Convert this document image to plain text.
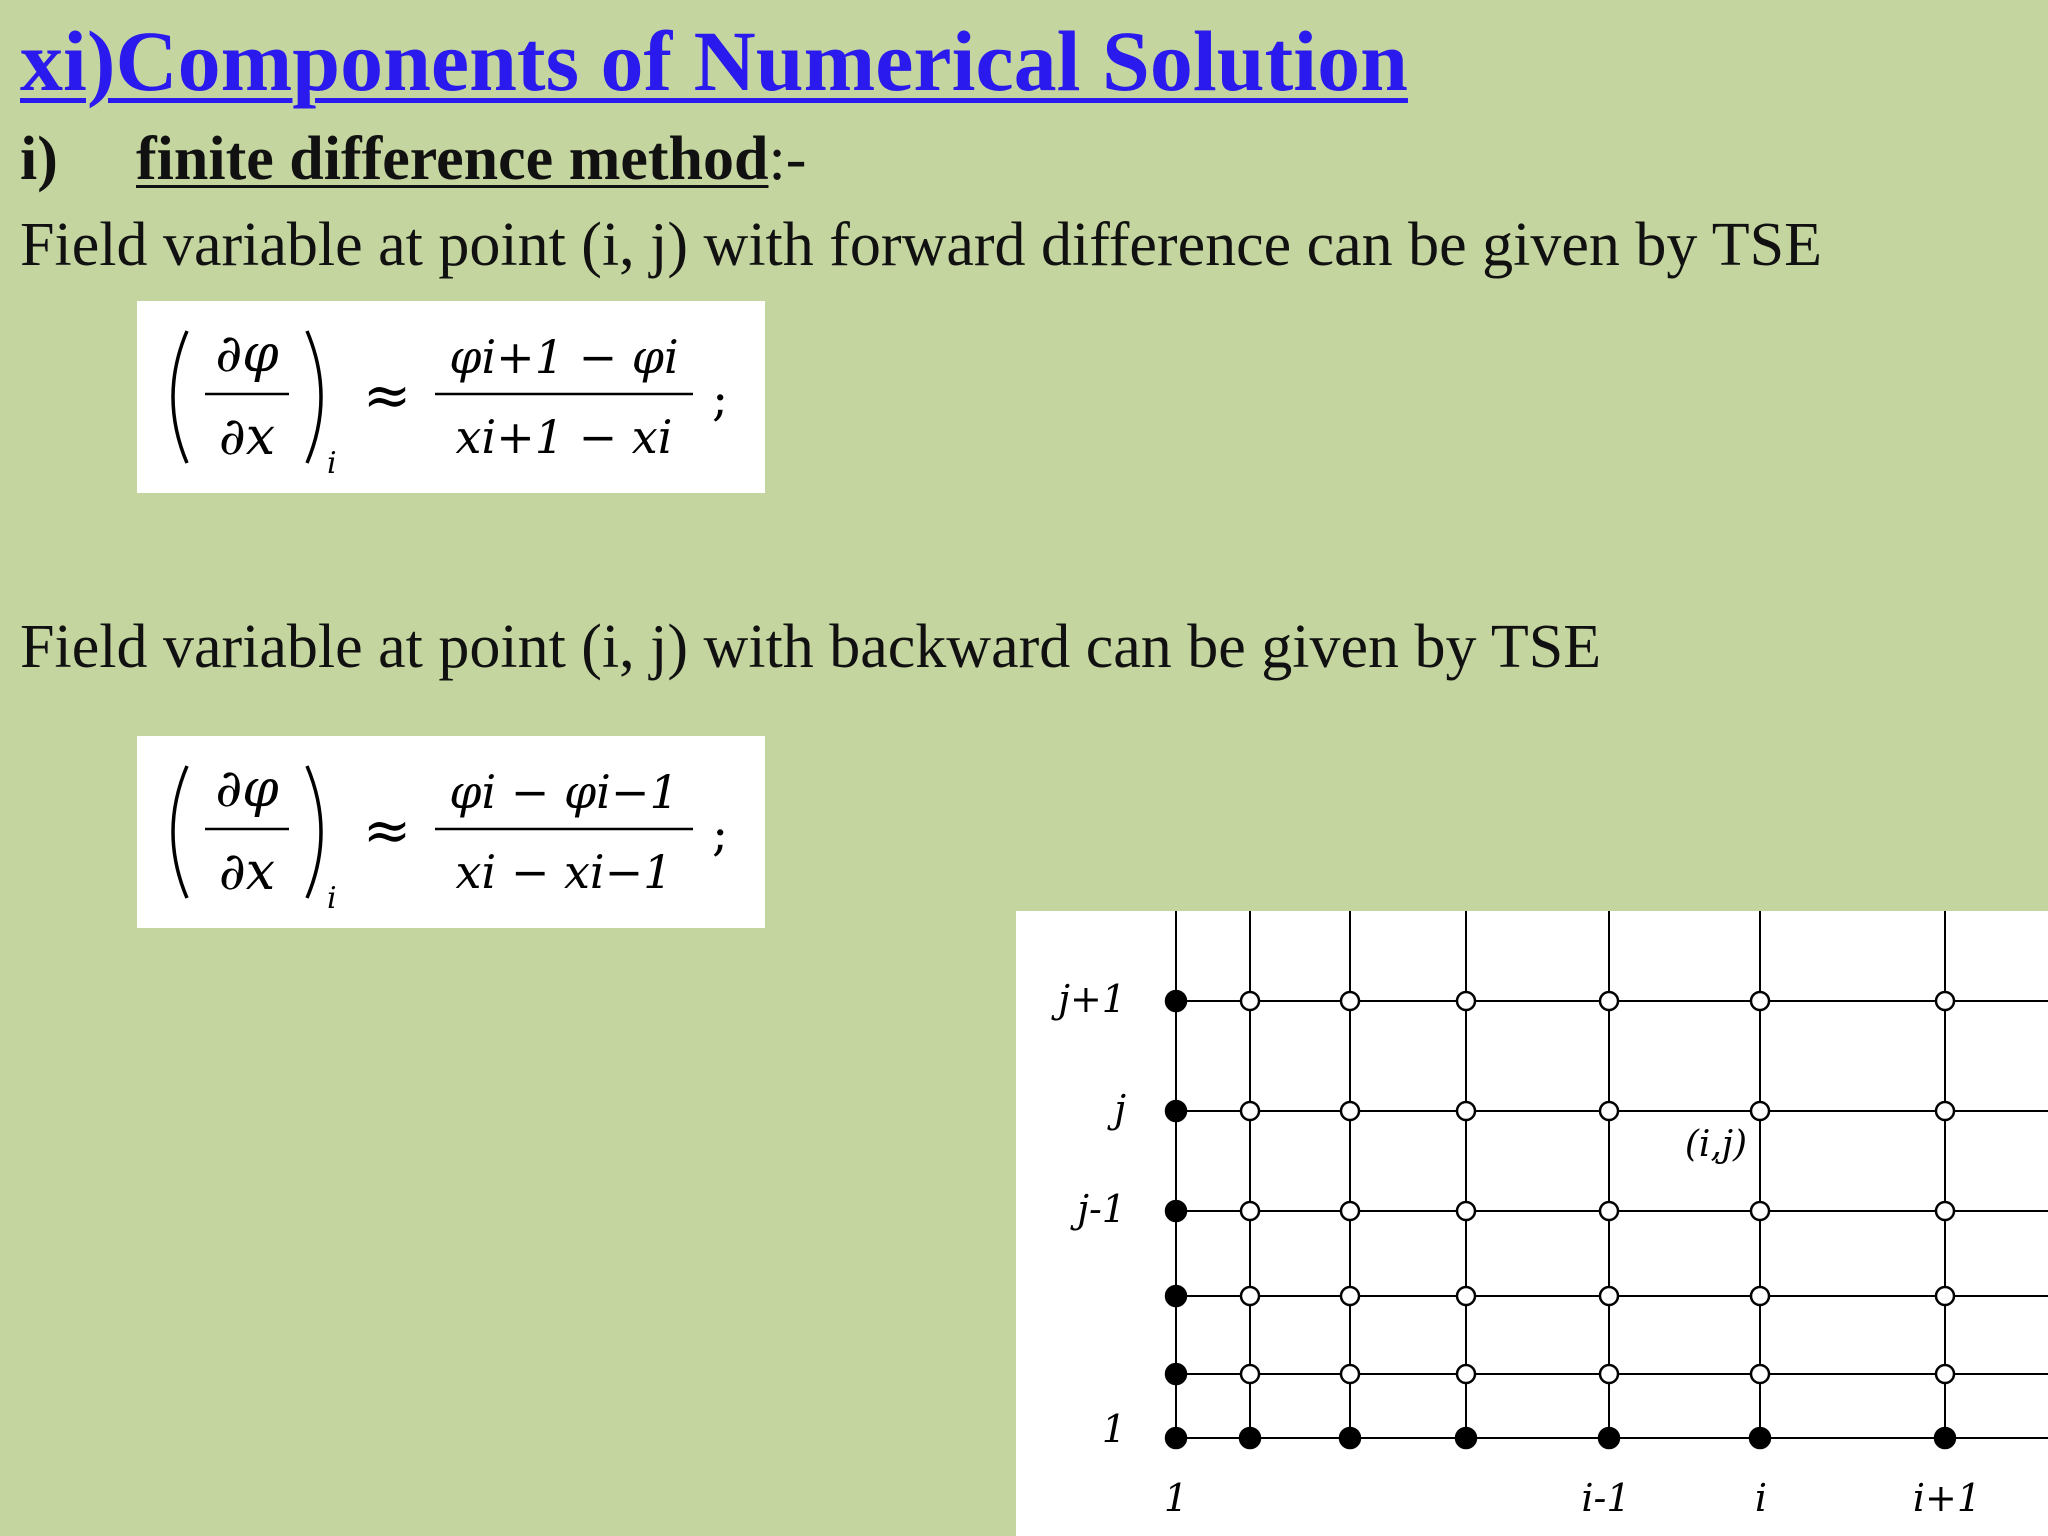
xi)Components of Numerical Solution
i) finite difference method:-
Field variable at point (i, j) with forward difference can be given by TSE
∂φ
∂x i
≈
φi+1 − φi
xi+1 − xi
;
Field variable at point (i, j) with backward can be given by TSE
∂φ
∂x i
≈
φi − φi−1
xi − xi−1
;
j+1
j
j-1
1
1	i-1	i	i+1
(i,j)
